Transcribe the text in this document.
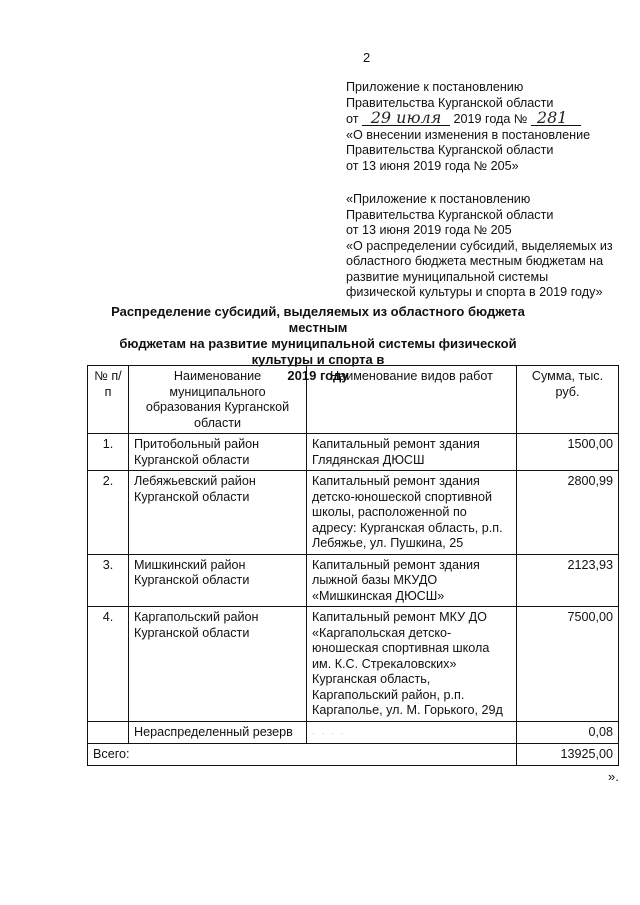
2
Приложение к постановлению
Правительства Курганской области
от 29 июля 2019 года № 281
«О внесении изменения в постановление
Правительства Курганской области
от 13 июня 2019 года № 205»
«Приложение к постановлению
Правительства Курганской области
от 13 июня 2019 года № 205
«О распределении субсидий, выделяемых из
областного бюджета местным бюджетам на
развитие муниципальной системы
физической культуры и спорта в 2019 году»
Распределение субсидий, выделяемых из областного бюджета местным
бюджетам на развитие муниципальной системы физической культуры и спорта в
2019 году
№ п/п	Наименование муниципального образования Курганской области	Наименование видов работ	Сумма, тыс. руб.
1.	Притобольный район Курганской области	Капитальный ремонт здания Глядянская ДЮСШ	1500,00
2.	Лебяжьевский район Курганской области	Капитальный ремонт здания детско-юношеской спортивной школы, расположенной по адресу: Курганская область, р.п. Лебяжье, ул. Пушкина, 25	2800,99
3.	Мишкинский район Курганской области	Капитальный ремонт здания лыжной базы МКУДО «Мишкинская ДЮСШ»	2123,93
4.	Каргапольский район Курганской области	Капитальный ремонт МКУ ДО «Каргапольская детско-юношеская спортивная школа им. К.С. Стрекаловских» Курганская область, Каргапольский район, р.п. Каргаполье, ул. М. Горького, 29д	7500,00
	Нераспределенный резерв	· · · ·	0,08
Всего:			13925,00
».
